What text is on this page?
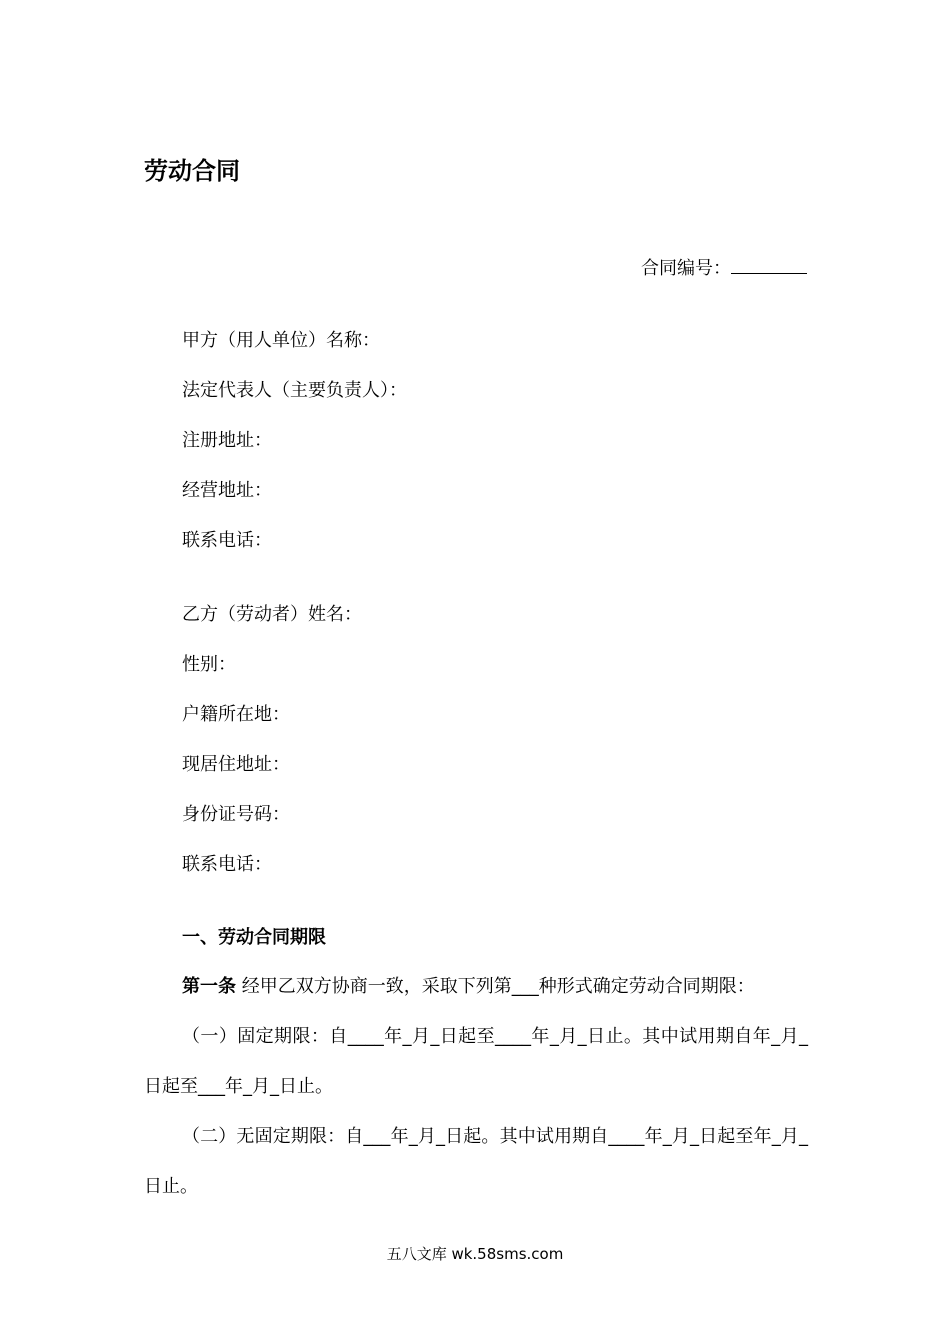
劳动合同
合同编号：
甲方（用人单位）名称：
法定代表人（主要负责人）：
注册地址：
经营地址：
联系电话：
乙方（劳动者）姓名：
性别：
户籍所在地：
现居住地址：
身份证号码：
联系电话：
一、劳动合同期限
第一条 经甲乙双方协商一致，采取下列第___种形式确定劳动合同期限：
（一）固定期限：自____年_月_日起至____年_月_日止。其中试用期自年_月_日起至___年_月_日止。
（二）无固定期限：自___年_月_日起。其中试用期自____年_月_日起至年_月_日止。
五八文库 wk.58sms.com
